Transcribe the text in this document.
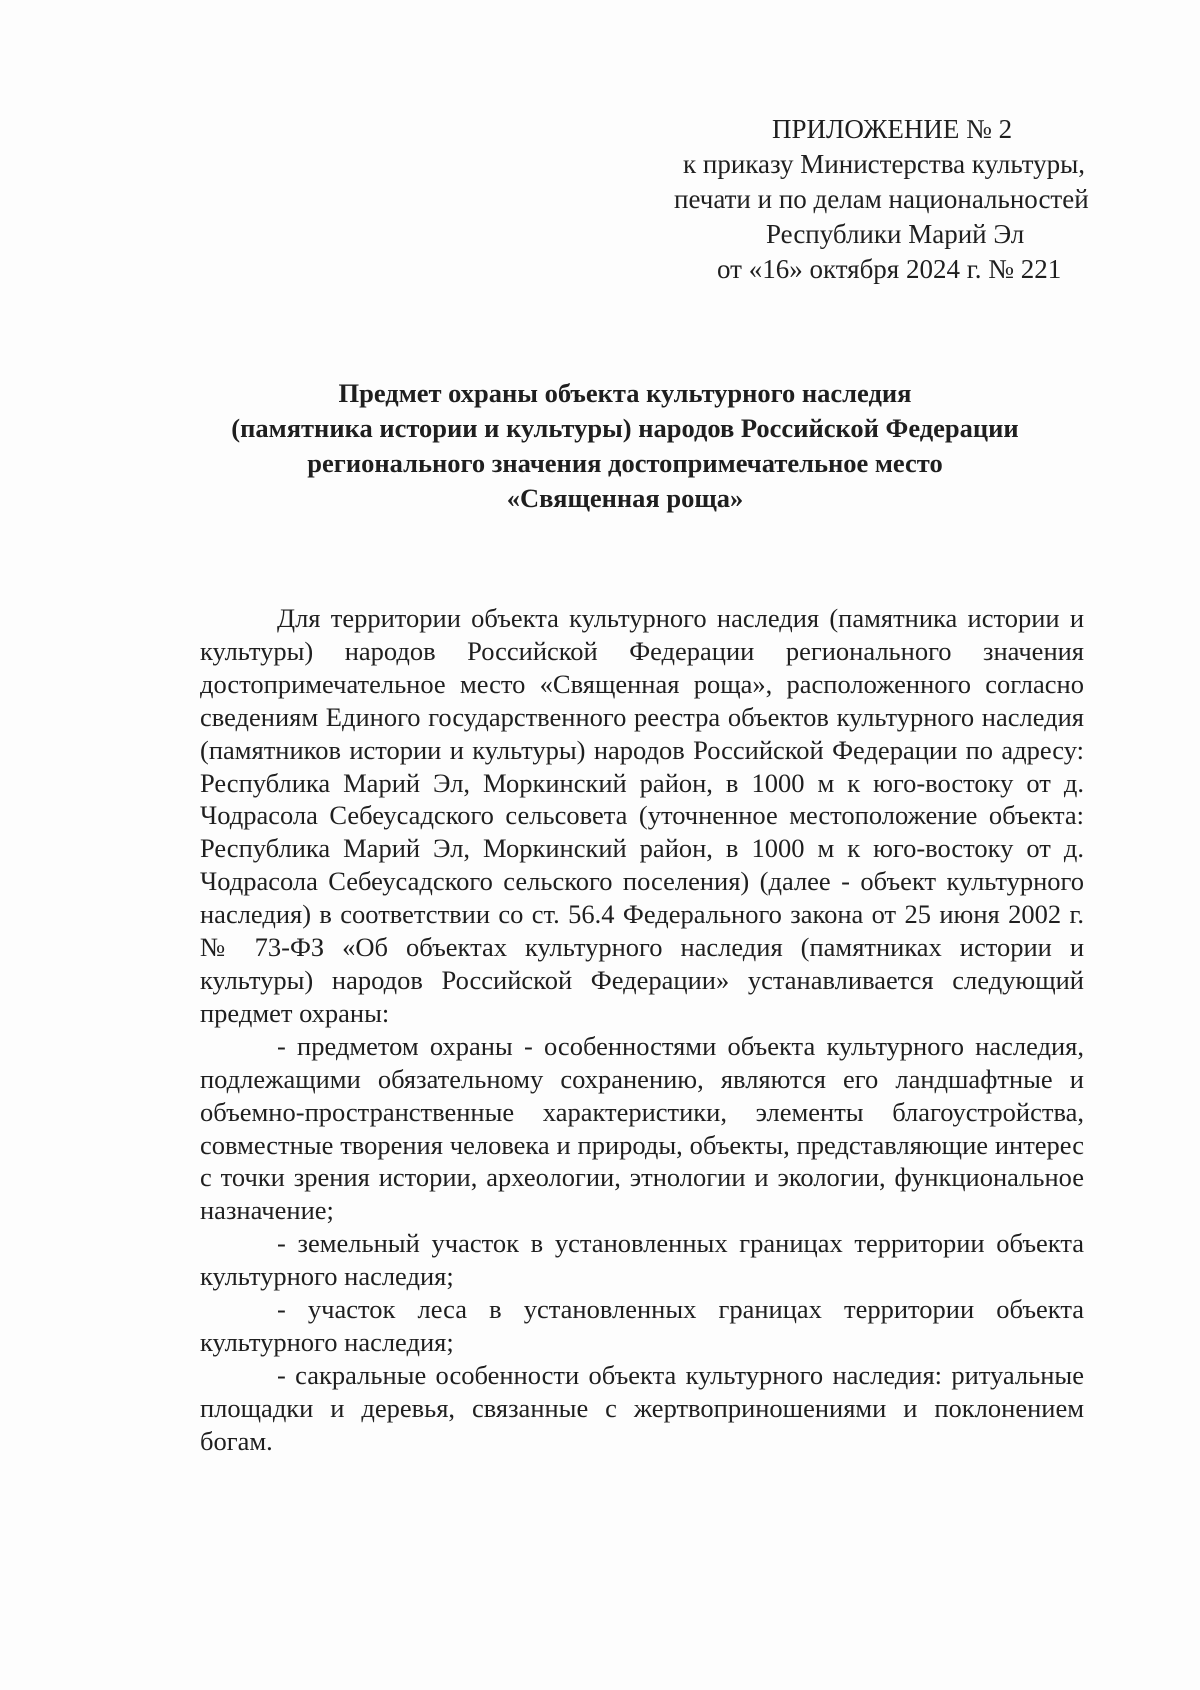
ПРИЛОЖЕНИЕ № 2
к приказу Министерства культуры,
печати и по делам национальностей
Республики Марий Эл
от «16» октября 2024 г. № 221
Предмет охраны объекта культурного наследия
(памятника истории и культуры) народов Российской Федерации
регионального значения достопримечательное место
«Священная роща»

Для территории объекта культурного наследия (памятника истории и культуры) народов Российской Федерации регионального значения достопримечательное место «Священная роща», расположенного согласно сведениям Единого государственного реестра объектов культурного наследия (памятников истории и культуры) народов Российской Федерации по адресу: Республика Марий Эл, Моркинский район, в 1000 м к юго-востоку от д. Чодрасола Себеусадского сельсовета (уточненное местоположение объекта: Республика Марий Эл, Моркинский район, в 1000 м к юго-востоку от д. Чодрасола Себеусадского сельского поселения) (далее - объект культурного наследия) в соответствии со ст. 56.4 Федерального закона от 25 июня 2002 г. № 73-ФЗ «Об объектах культурного наследия (памятниках истории и культуры) народов Российской Федерации» устанавливается следующий предмет охраны:

- предметом охраны - особенностями объекта культурного наследия, подлежащими обязательному сохранению, являются его ландшафтные и объемно-пространственные характеристики, элементы благоустройства, совместные творения человека и природы, объекты, представляющие интерес с точки зрения истории, археологии, этнологии и экологии, функциональное назначение;

- земельный участок в установленных границах территории объекта культурного наследия;

- участок леса в установленных границах территории объекта культурного наследия;

- сакральные особенности объекта культурного наследия: ритуальные площадки и деревья, связанные с жертвоприношениями и поклонением богам.
